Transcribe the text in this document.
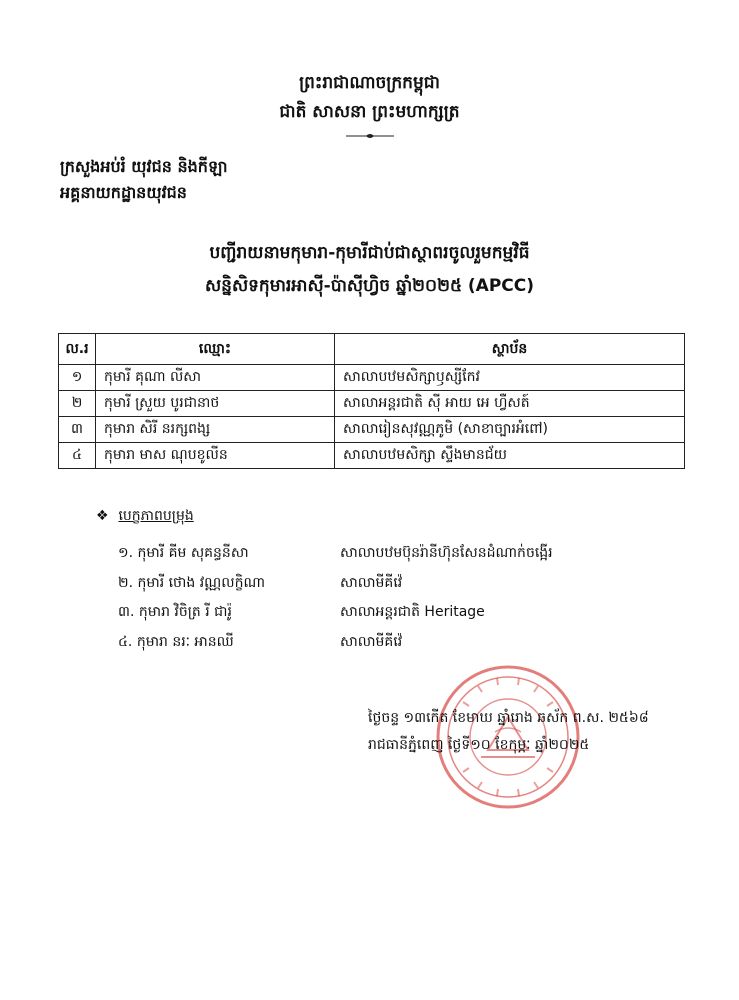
ព្រះរាជាណាចក្រកម្ពុជា
ជាតិ សាសនា ព្រះមហាក្សត្រ
ក្រសួងអប់រំ យុវជន និងកីឡា
អគ្គនាយកដ្ឋានយុវជន
បញ្ជីរាយនាមកុមារា-កុមារីជាប់ជាស្ថាពរចូលរួមកម្មវិធី
សន្និសិទកុមារអាស៊ី-ប៉ាស៊ីហ្វិច ឆ្នាំ២០២៥ (APCC)
ល.រ	ឈ្មោះ	ស្ថាប័ន
១	កុមារី គុណា លីសា	សាលាបឋមសិក្សាឫស្សីកែវ
២	កុមារី ស្រួយ បូរជានាថ	សាលាអន្តរជាតិ ស៊ី អាយ អេ ហ្វឺសត៍
៣	កុមារា សិរី នរក្សពង្ស	សាលារៀនសុវណ្ណភូមិ (សាខាច្បារអំពៅ)
៤	កុមារា មាស ណុបខូលីន	សាលាបឋមសិក្សា ស្ទឹងមានជ័យ
❖ បេក្ខភាពបម្រុង
១. កុមារី គីម សុគន្ធនីសា	សាលាបឋមប៊ុនរ៉ានីហ៊ុនសែនដំណាក់ចង្អើរ
២. កុមារី ថោង វណ្ណលក្ខិណា	សាលាមីគីវ៉េ
៣. កុមារា វិចិត្រ រី ជារ៉ូ	សាលាអន្តរជាតិ Heritage
៤. កុមារា នរៈ អានឈី	សាលាមីគីវ៉េ
ថ្ងៃចន្ទ ១៣កើត ខែមាឃ ឆ្នាំរោង ឆស័ក ព.ស. ២៥៦៨
រាជធានីភ្នំពេញ ថ្ងៃទី១០ ខែកុម្ភៈ ឆ្នាំ២០២៥
